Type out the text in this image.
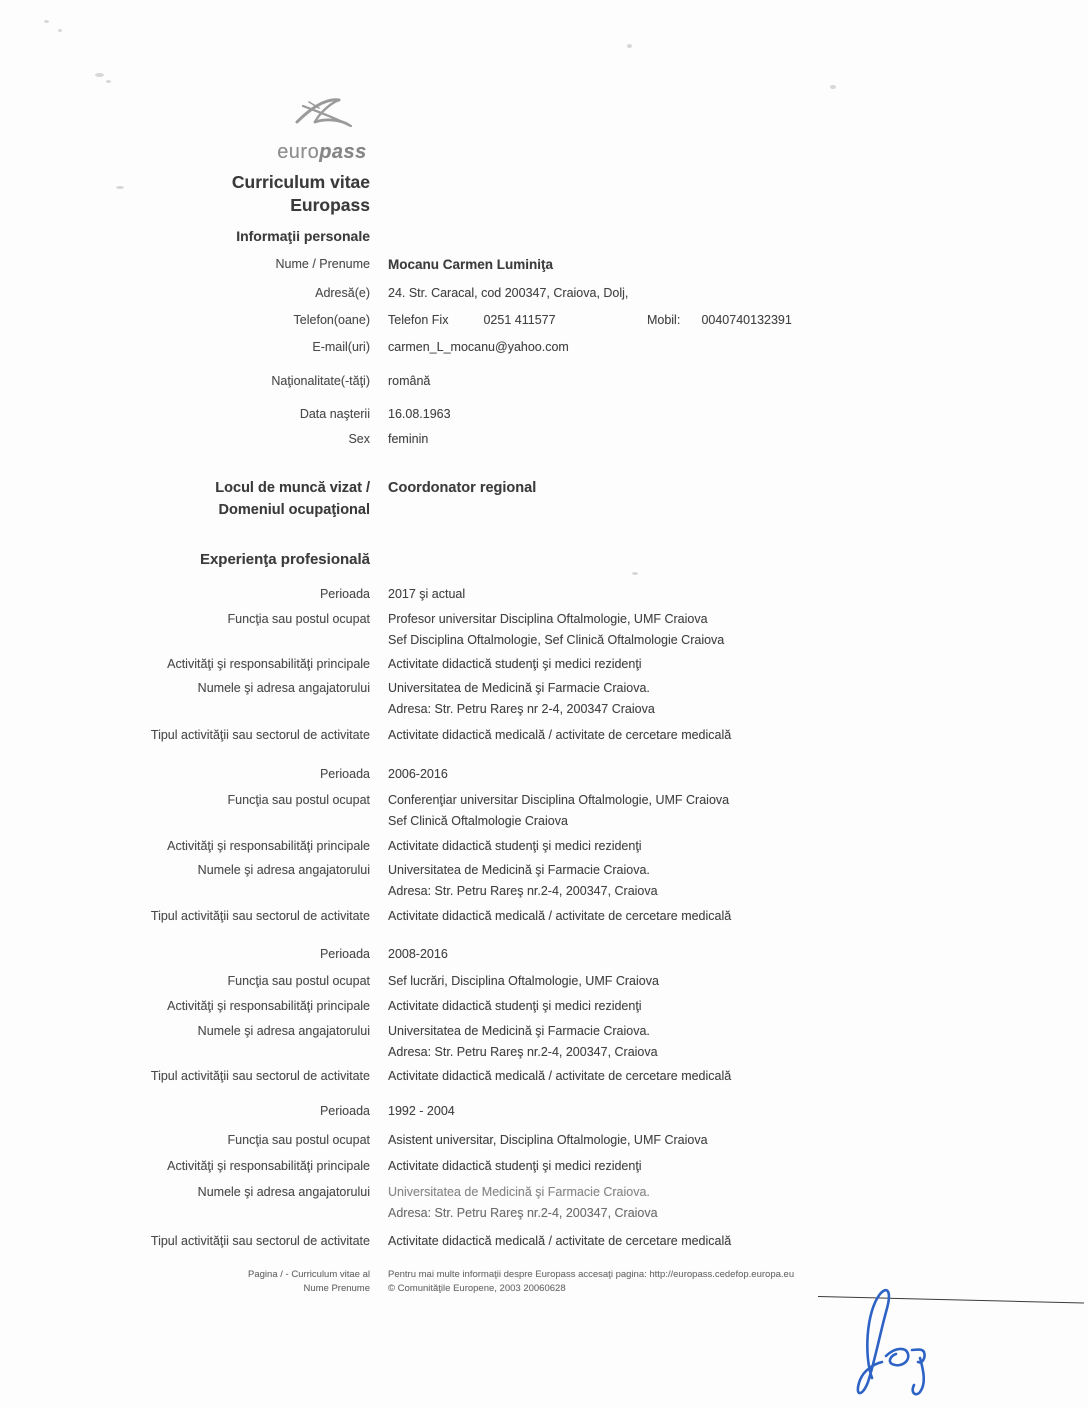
europass
Curriculum vitae
Europass
Informaţii personale
Nume / Prenume Mocanu Carmen Luminiţa
Adresă(e) 24. Str. Caracal, cod 200347, Craiova, Dolj,
Telefon(oane) Telefon Fix	0251 411577	Mobil: 0040740132391
E-mail(uri) carmen_L_mocanu@yahoo.com
Naţionalitate(-tăţi) română
Data naşterii 16.08.1963
Sex feminin
Locul de muncă vizat /
Domeniul ocupaţional
Coordonator regional
Experienţa profesională
Perioada 2017 şi actual
Funcţia sau postul ocupat Profesor universitar Disciplina Oftalmologie, UMF Craiova
Sef Disciplina Oftalmologie, Sef Clinică Oftalmologie Craiova
Activităţi şi responsabilităţi principale Activitate didactică studenţi şi medici rezidenţi
Numele şi adresa angajatorului Universitatea de Medicină şi Farmacie Craiova.
Adresa: Str. Petru Rareş nr 2-4, 200347 Craiova
Tipul activităţii sau sectorul de activitate Activitate didactică medicală / activitate de cercetare medicală
Perioada 2006-2016
Funcţia sau postul ocupat Conferenţiar universitar Disciplina Oftalmologie, UMF Craiova
Sef Clinică Oftalmologie Craiova
Activităţi şi responsabilităţi principale Activitate didactică studenţi şi medici rezidenţi
Numele şi adresa angajatorului Universitatea de Medicină şi Farmacie Craiova.
Adresa: Str. Petru Rareş nr.2-4, 200347, Craiova
Tipul activităţii sau sectorul de activitate Activitate didactică medicală / activitate de cercetare medicală
Perioada 2008-2016
Funcţia sau postul ocupat Sef lucrări, Disciplina Oftalmologie, UMF Craiova
Activităţi şi responsabilităţi principale Activitate didactică studenţi şi medici rezidenţi
Numele şi adresa angajatorului Universitatea de Medicină şi Farmacie Craiova.
Adresa: Str. Petru Rareş nr.2-4, 200347, Craiova
Tipul activităţii sau sectorul de activitate Activitate didactică medicală / activitate de cercetare medicală
Perioada 1992 - 2004
Funcţia sau postul ocupat Asistent universitar, Disciplina Oftalmologie, UMF Craiova
Activităţi şi responsabilităţi principale Activitate didactică studenţi şi medici rezidenţi
Numele şi adresa angajatorului Universitatea de Medicină şi Farmacie Craiova.
Adresa: Str. Petru Rareş nr.2-4, 200347, Craiova
Tipul activităţii sau sectorul de activitate Activitate didactică medicală / activitate de cercetare medicală
Pagina / - Curriculum vitae al
Nume Prenume
Pentru mai multe informaţii despre Europass accesaţi pagina: http://europass.cedefop.europa.eu
© Comunităţile Europene, 2003 20060628
